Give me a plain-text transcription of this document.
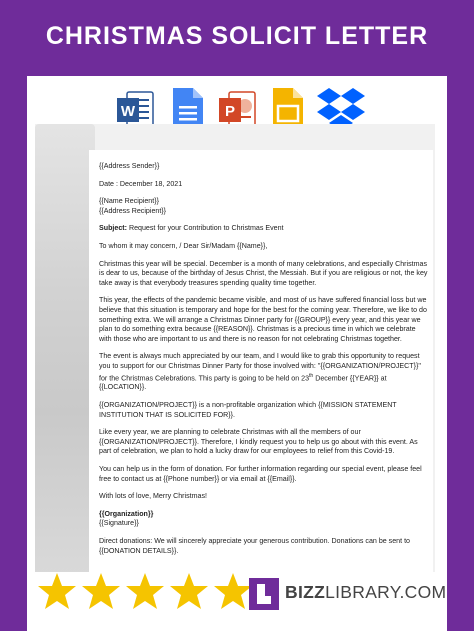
CHRISTMAS SOLICIT LETTER
W	P

{{Address Sender}}

Date : December 18, 2021

{{Name Recipient}}

{{Address Recipient}}

Subject: Request for your Contribution to Christmas Event

To whom it may concern, / Dear Sir/Madam {{Name}},

Christmas this year will be special. December is a month of many celebrations, and especially Christmas is dear to us, because of the birthday of Jesus Christ, the Messiah. But if you are religious or not, the key take away is that everybody treasures spending quality time together.

This year, the effects of the pandemic became visible, and most of us have suffered financial loss but we believe that this situation is temporary and hope for the best for the coming year. Therefore, we like to do something extra. We will arrange a Christmas Dinner party for {{GROUP}} every year, and this year we plan to do something extra because {{REASON}}. Christmas is a precious time in which we celebrate with those who are important to us and there is no reason for not celebrating Christmas together.

The event is always much appreciated by our team, and I would like to grab this opportunity to request you to support for our Christmas Dinner Party for those involved with: "{{ORGANIZATION/PROJECT}}" for the Christmas Celebrations. This party is going to be held on 23th December {{YEAR}} at {{LOCATION}}.

{{ORGANIZATION/PROJECT}} is a non-profitable organization which {{MISSION STATEMENT INSTITUTION THAT IS SOLICITED FOR}}.

Like every year, we are planning to celebrate Christmas with all the members of our {{ORGANIZATION/PROJECT}}. Therefore, I kindly request you to help us go about with this event. As part of celebration, we plan to hold a lucky draw for our employees to relief from this Covid-19.

You can help us in the form of donation. For further information regarding our special event, please feel free to contact us at {{Phone number}} or via email at {{Email}}.

With lots of love, Merry Christmas!

{{Organization}}

{{Signature}}

Direct donations: We will sincerely appreciate your generous contribution. Donations can be sent to {{DONATION DETAILS}}.

BIZZLIBRARY.COM
